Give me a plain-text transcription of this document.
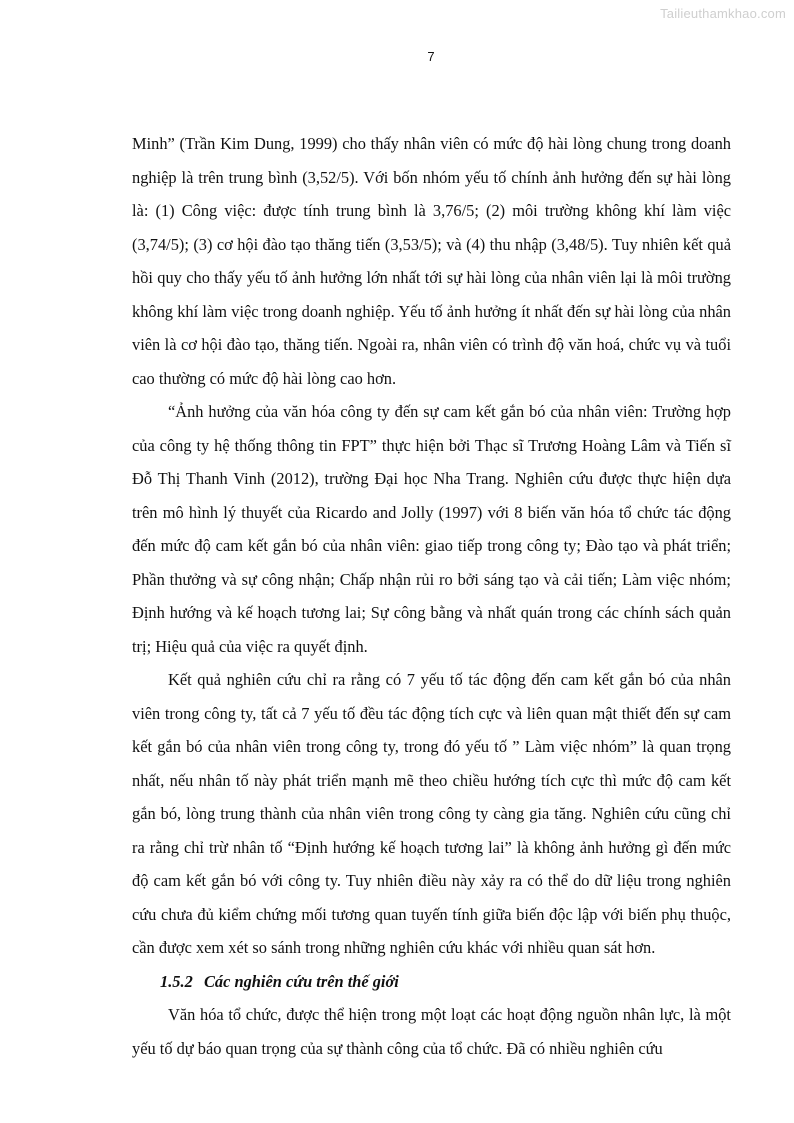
Tailieuthamkhao.com
7

Minh” (Trần Kim Dung, 1999) cho thấy nhân viên có mức độ hài lòng chung trong doanh nghiệp là trên trung bình (3,52/5). Với bốn nhóm yếu tố chính ảnh hưởng đến sự hài lòng là: (1) Công việc: được tính trung bình là 3,76/5; (2) môi trường không khí làm việc (3,74/5); (3) cơ hội đào tạo thăng tiến (3,53/5); và (4) thu nhập (3,48/5). Tuy nhiên kết quả hồi quy cho thấy yếu tố ảnh hưởng lớn nhất tới sự hài lòng của nhân viên lại là môi trường không khí làm việc trong doanh nghiệp. Yếu tố ảnh hưởng ít nhất đến sự hài lòng của nhân viên là cơ hội đào tạo, thăng tiến. Ngoài ra, nhân viên có trình độ văn hoá, chức vụ và tuổi cao thường có mức độ hài lòng cao hơn.

“Ảnh hưởng của văn hóa công ty đến sự cam kết gắn bó của nhân viên: Trường hợp của công ty hệ thống thông tin FPT” thực hiện bởi Thạc sĩ Trương Hoàng Lâm và Tiến sĩ Đỗ Thị Thanh Vinh (2012), trường Đại học Nha Trang. Nghiên cứu được thực hiện dựa trên mô hình lý thuyết của Ricardo and Jolly (1997) với 8 biến văn hóa tổ chức tác động đến mức độ cam kết gắn bó của nhân viên: giao tiếp trong công ty; Đào tạo và phát triển; Phần thưởng và sự công nhận; Chấp nhận rủi ro bởi sáng tạo và cải tiến; Làm việc nhóm; Định hướng và kế hoạch tương lai; Sự công bằng và nhất quán trong các chính sách quản trị; Hiệu quả của việc ra quyết định.

Kết quả nghiên cứu chỉ ra rằng có 7 yếu tố tác động đến cam kết gắn bó của nhân viên trong công ty, tất cả 7 yếu tố đều tác động tích cực và liên quan mật thiết đến sự cam kết gắn bó của nhân viên trong công ty, trong đó yếu tố ” Làm việc nhóm” là quan trọng nhất, nếu nhân tố này phát triển mạnh mẽ theo chiều hướng tích cực thì mức độ cam kết gắn bó, lòng trung thành của nhân viên trong công ty càng gia tăng. Nghiên cứu cũng chỉ ra rằng chỉ trừ nhân tố “Định hướng kế hoạch tương lai” là không ảnh hưởng gì đến mức độ cam kết gắn bó với công ty. Tuy nhiên điều này xảy ra có thể do dữ liệu trong nghiên cứu chưa đủ kiểm chứng mối tương quan tuyến tính giữa biến độc lập với biến phụ thuộc, cần được xem xét so sánh trong những nghiên cứu khác với nhiều quan sát hơn.

1.5.2 Các nghiên cứu trên thế giới

Văn hóa tổ chức, được thể hiện trong một loạt các hoạt động nguồn nhân lực, là một yếu tố dự báo quan trọng của sự thành công của tổ chức. Đã có nhiều nghiên cứu
